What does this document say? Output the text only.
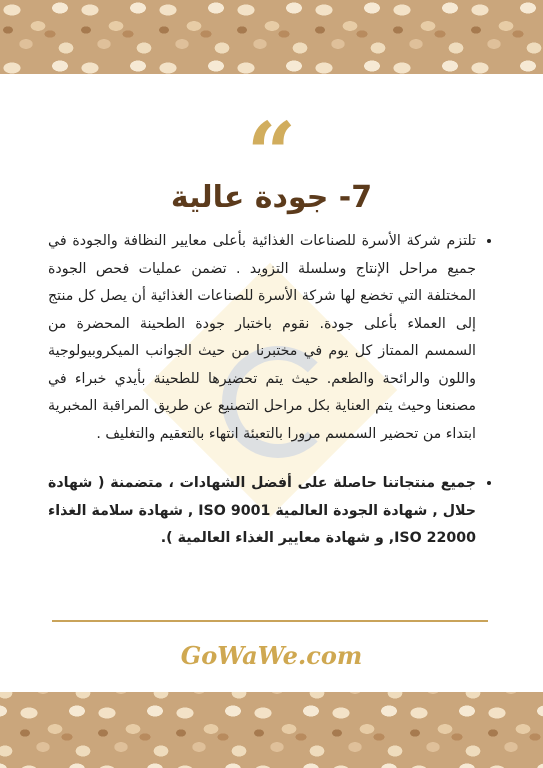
“
7- جودة عالية
• تلتزم شركة الأسرة للصناعات الغذائية بأعلى معايير النظافة والجودة في جميع مراحل الإنتاج وسلسلة التزويد . تضمن عمليات فحص الجودة المختلفة التي تخضع لها شركة الأسرة للصناعات الغذائية أن يصل كل منتج إلى العملاء بأعلى جودة. نقوم باختبار جودة الطحينة المحضرة من السمسم الممتاز كل يوم في مختبرنا من حيث الجوانب الميكروبيولوجية واللون والرائحة والطعم. حيث يتم تحضيرها للطحينة بأيدي خبراء في مصنعنا وحيث يتم العناية بكل مراحل التصنيع عن طريق المراقبة المخبرية ابتداء من تحضير السمسم مرورا بالتعبئة انتهاء بالتعقيم والتغليف .
• جميع منتجاتنا حاصلة على أفضل الشهادات ، متضمنة ( شهادة حلال , شهادة الجودة العالمية ISO 9001 , شهادة سلامة الغذاء ISO 22000, و شهادة معايير الغذاء العالمية ).
GoWaWe.com
